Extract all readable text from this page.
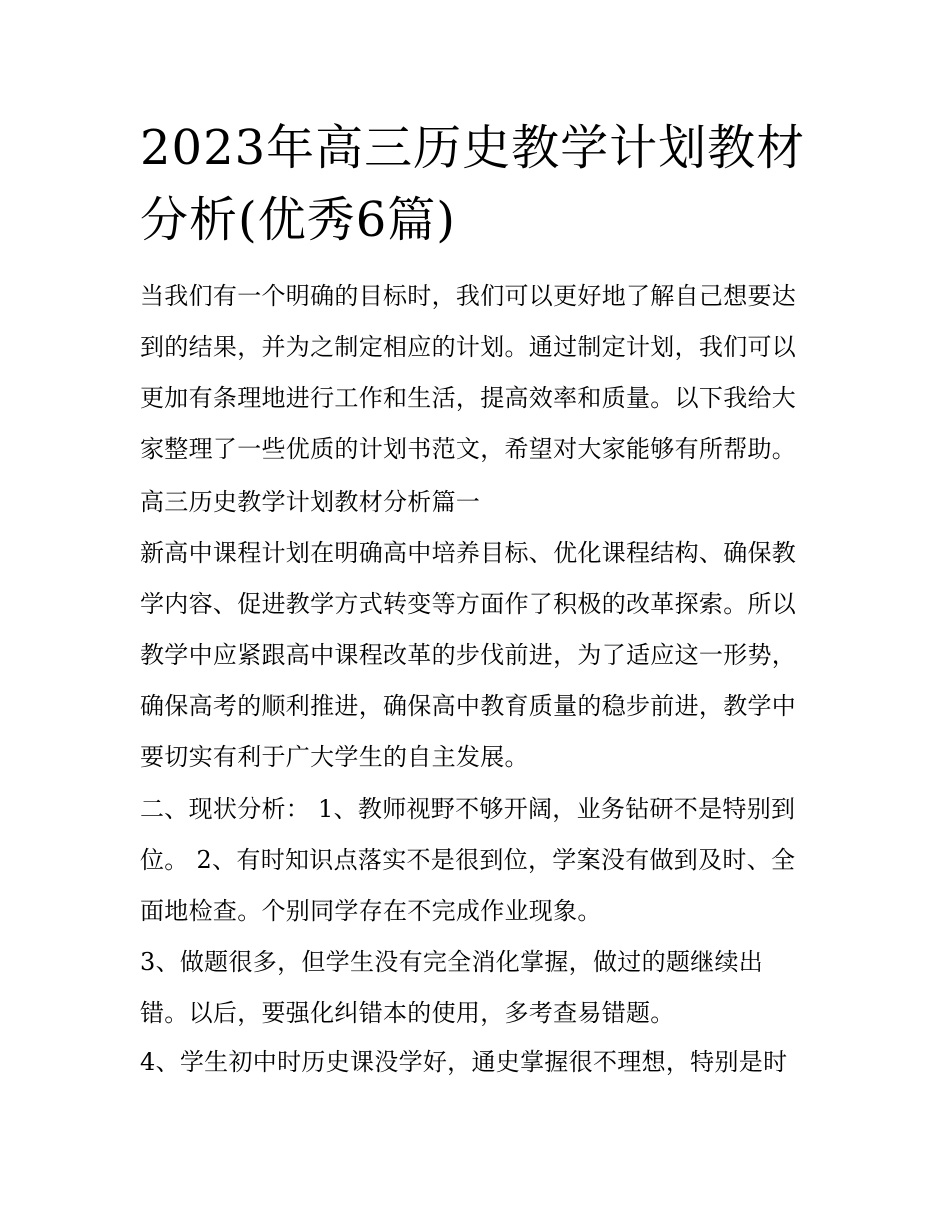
2023年高三历史教学计划教材
分析(优秀6篇)
当我们有一个明确的目标时，我们可以更好地了解自己想要达
到的结果，并为之制定相应的计划。通过制定计划，我们可以
更加有条理地进行工作和生活，提高效率和质量。以下我给大
家整理了一些优质的计划书范文，希望对大家能够有所帮助。
高三历史教学计划教材分析篇一
新高中课程计划在明确高中培养目标、优化课程结构、确保教
学内容、促进教学方式转变等方面作了积极的改革探索。所以
教学中应紧跟高中课程改革的步伐前进，为了适应这一形势，
确保高考的顺利推进，确保高中教育质量的稳步前进，教学中
要切实有利于广大学生的自主发展。
二、现状分析： 1、教师视野不够开阔，业务钻研不是特别到
位。 2、有时知识点落实不是很到位，学案没有做到及时、全
面地检查。个别同学存在不完成作业现象。
3、做题很多，但学生没有完全消化掌握，做过的题继续出
错。以后，要强化纠错本的使用，多考查易错题。
4、学生初中时历史课没学好，通史掌握很不理想，特别是时
